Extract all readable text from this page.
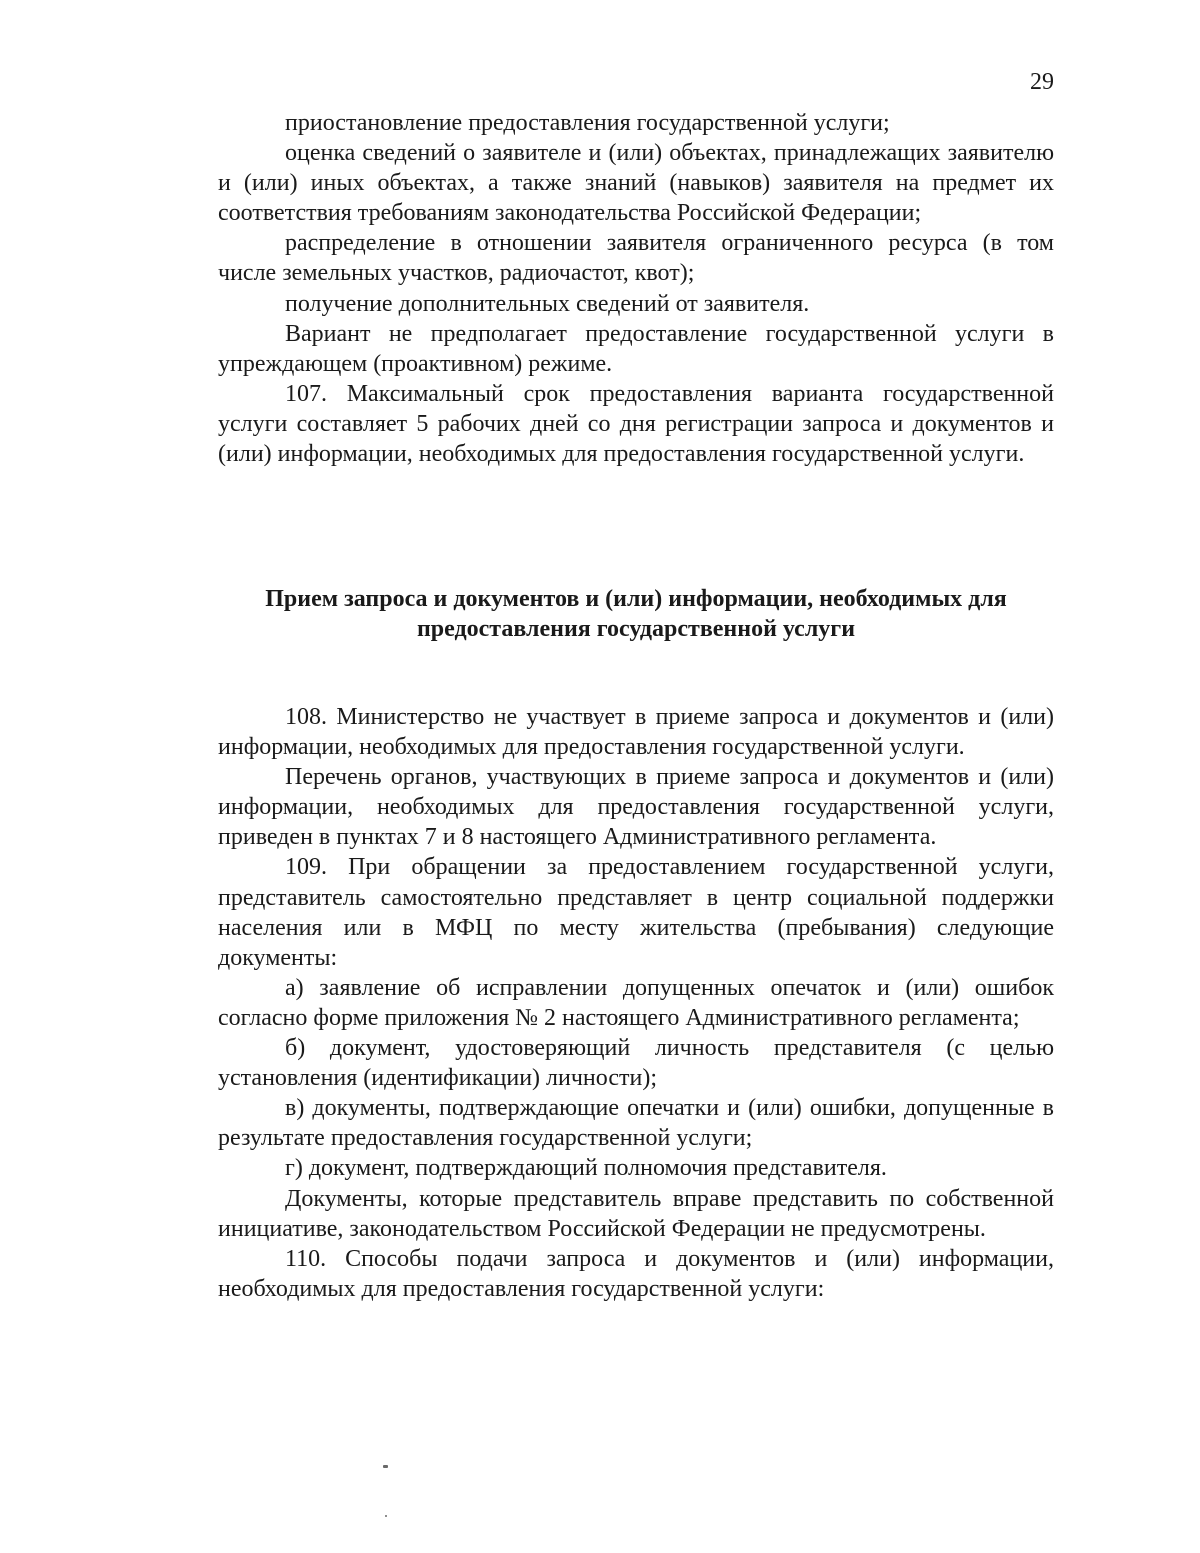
29

приостановление предоставления государственной услуги;

оценка сведений о заявителе и (или) объектах, принадлежащих заявителю и (или) иных объектах, а также знаний (навыков) заявителя на предмет их соответствия требованиям законодательства Российской Федерации;

распределение в отношении заявителя ограниченного ресурса (в том числе земельных участков, радиочастот, квот);

получение дополнительных сведений от заявителя.

Вариант не предполагает предоставление государственной услуги в упреждающем (проактивном) режиме.

107. Максимальный срок предоставления варианта государственной услуги составляет 5 рабочих дней со дня регистрации запроса и документов и (или) информации, необходимых для предоставления государственной услуги.

Прием запроса и документов и (или) информации, необходимых для
предоставления государственной услуги

108. Министерство не участвует в приеме запроса и документов и (или) информации, необходимых для предоставления государственной услуги.

Перечень органов, участвующих в приеме запроса и документов и (или) информации, необходимых для предоставления государственной услуги, приведен в пунктах 7 и 8 настоящего Административного регламента.

109. При обращении за предоставлением государственной услуги, представитель самостоятельно представляет в центр социальной поддержки населения или в МФЦ по месту жительства (пребывания) следующие документы:

а) заявление об исправлении допущенных опечаток и (или) ошибок согласно форме приложения № 2 настоящего Административного регламента;

б) документ, удостоверяющий личность представителя (с целью установления (идентификации) личности);

в) документы, подтверждающие опечатки и (или) ошибки, допущенные в результате предоставления государственной услуги;

г) документ, подтверждающий полномочия представителя.

Документы, которые представитель вправе представить по собственной инициативе, законодательством Российской Федерации не предусмотрены.

110. Способы подачи запроса и документов и (или) информации, необходимых для предоставления государственной услуги:
